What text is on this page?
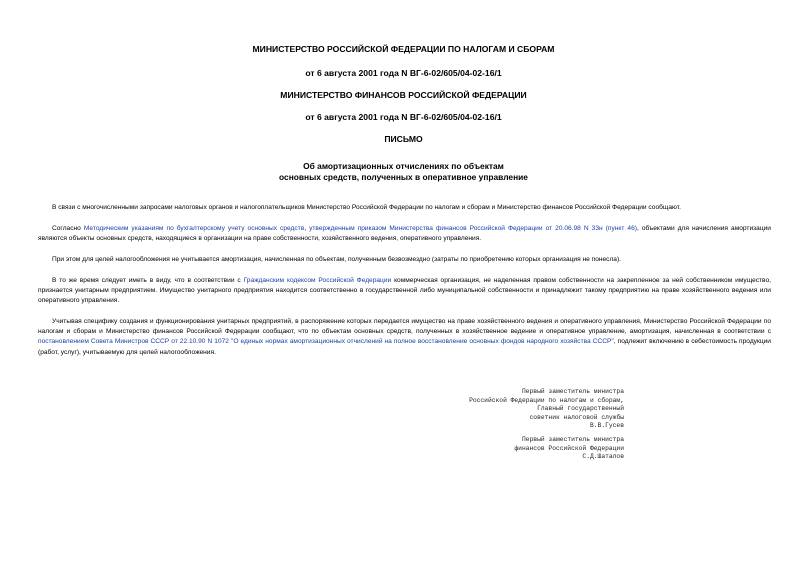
МИНИСТЕРСТВО РОССИЙСКОЙ ФЕДЕРАЦИИ ПО НАЛОГАМ И СБОРАМ
от 6 августа 2001 года N ВГ-6-02/605/04-02-16/1
МИНИСТЕРСТВО ФИНАНСОВ РОССИЙСКОЙ ФЕДЕРАЦИИ
от 6 августа 2001 года N ВГ-6-02/605/04-02-16/1
ПИСЬМО
Об амортизационных отчислениях по объектам
основных средств, полученных в оперативное управление
В связи с многочисленными запросами налоговых органов и налогоплательщиков Министерство Российской Федерации по налогам и сборам и Министерство финансов Российской Федерации сообщают.
Согласно Методическим указаниям по бухгалтерскому учету основных средств, утвержденным приказом Министерства финансов Российской Федерации от 20.06.98 N 33н (пункт 46), объектами для начисления амортизации являются объекты основных средств, находящиеся в организации на праве собственности, хозяйственного ведения, оперативного управления.
При этом для целей налогообложения не учитывается амортизация, начисленная по объектам, полученным безвозмездно (затраты по приобретению которых организация не понесла).
В то же время следует иметь в виду, что в соответствии с Гражданским кодексом Российской Федерации коммерческая организация, не наделенная правом собственности на закрепленное за ней собственником имущество, признается унитарным предприятием. Имущество унитарного предприятия находится соответственно в государственной либо муниципальной собственности и принадлежит такому предприятию на праве хозяйственного ведения или оперативного управления.
Учитывая специфику создания и функционирования унитарных предприятий, в распоряжение которых передается имущество на праве хозяйственного ведения и оперативного управления, Министерство Российской Федерации по налогам и сборам и Министерство финансов Российской Федерации сообщают, что по объектам основных средств, полученных в хозяйственное ведение и оперативное управление, амортизация, начисленная в соответствии с постановлением Совета Министров СССР от 22.10.90 N 1072 "О единых нормах амортизационных отчислений на полное восстановление основных фондов народного хозяйства СССР", подлежит включению в себестоимость продукции (работ, услуг), учитываемую для целей налогообложения.
Первый заместитель министра
Российской Федерации по налогам и сборам,
Главный государственный
советник налоговой службы
В.В.Гусев
Первый заместитель министра
финансов Российской Федерации
С.Д.Шаталов
